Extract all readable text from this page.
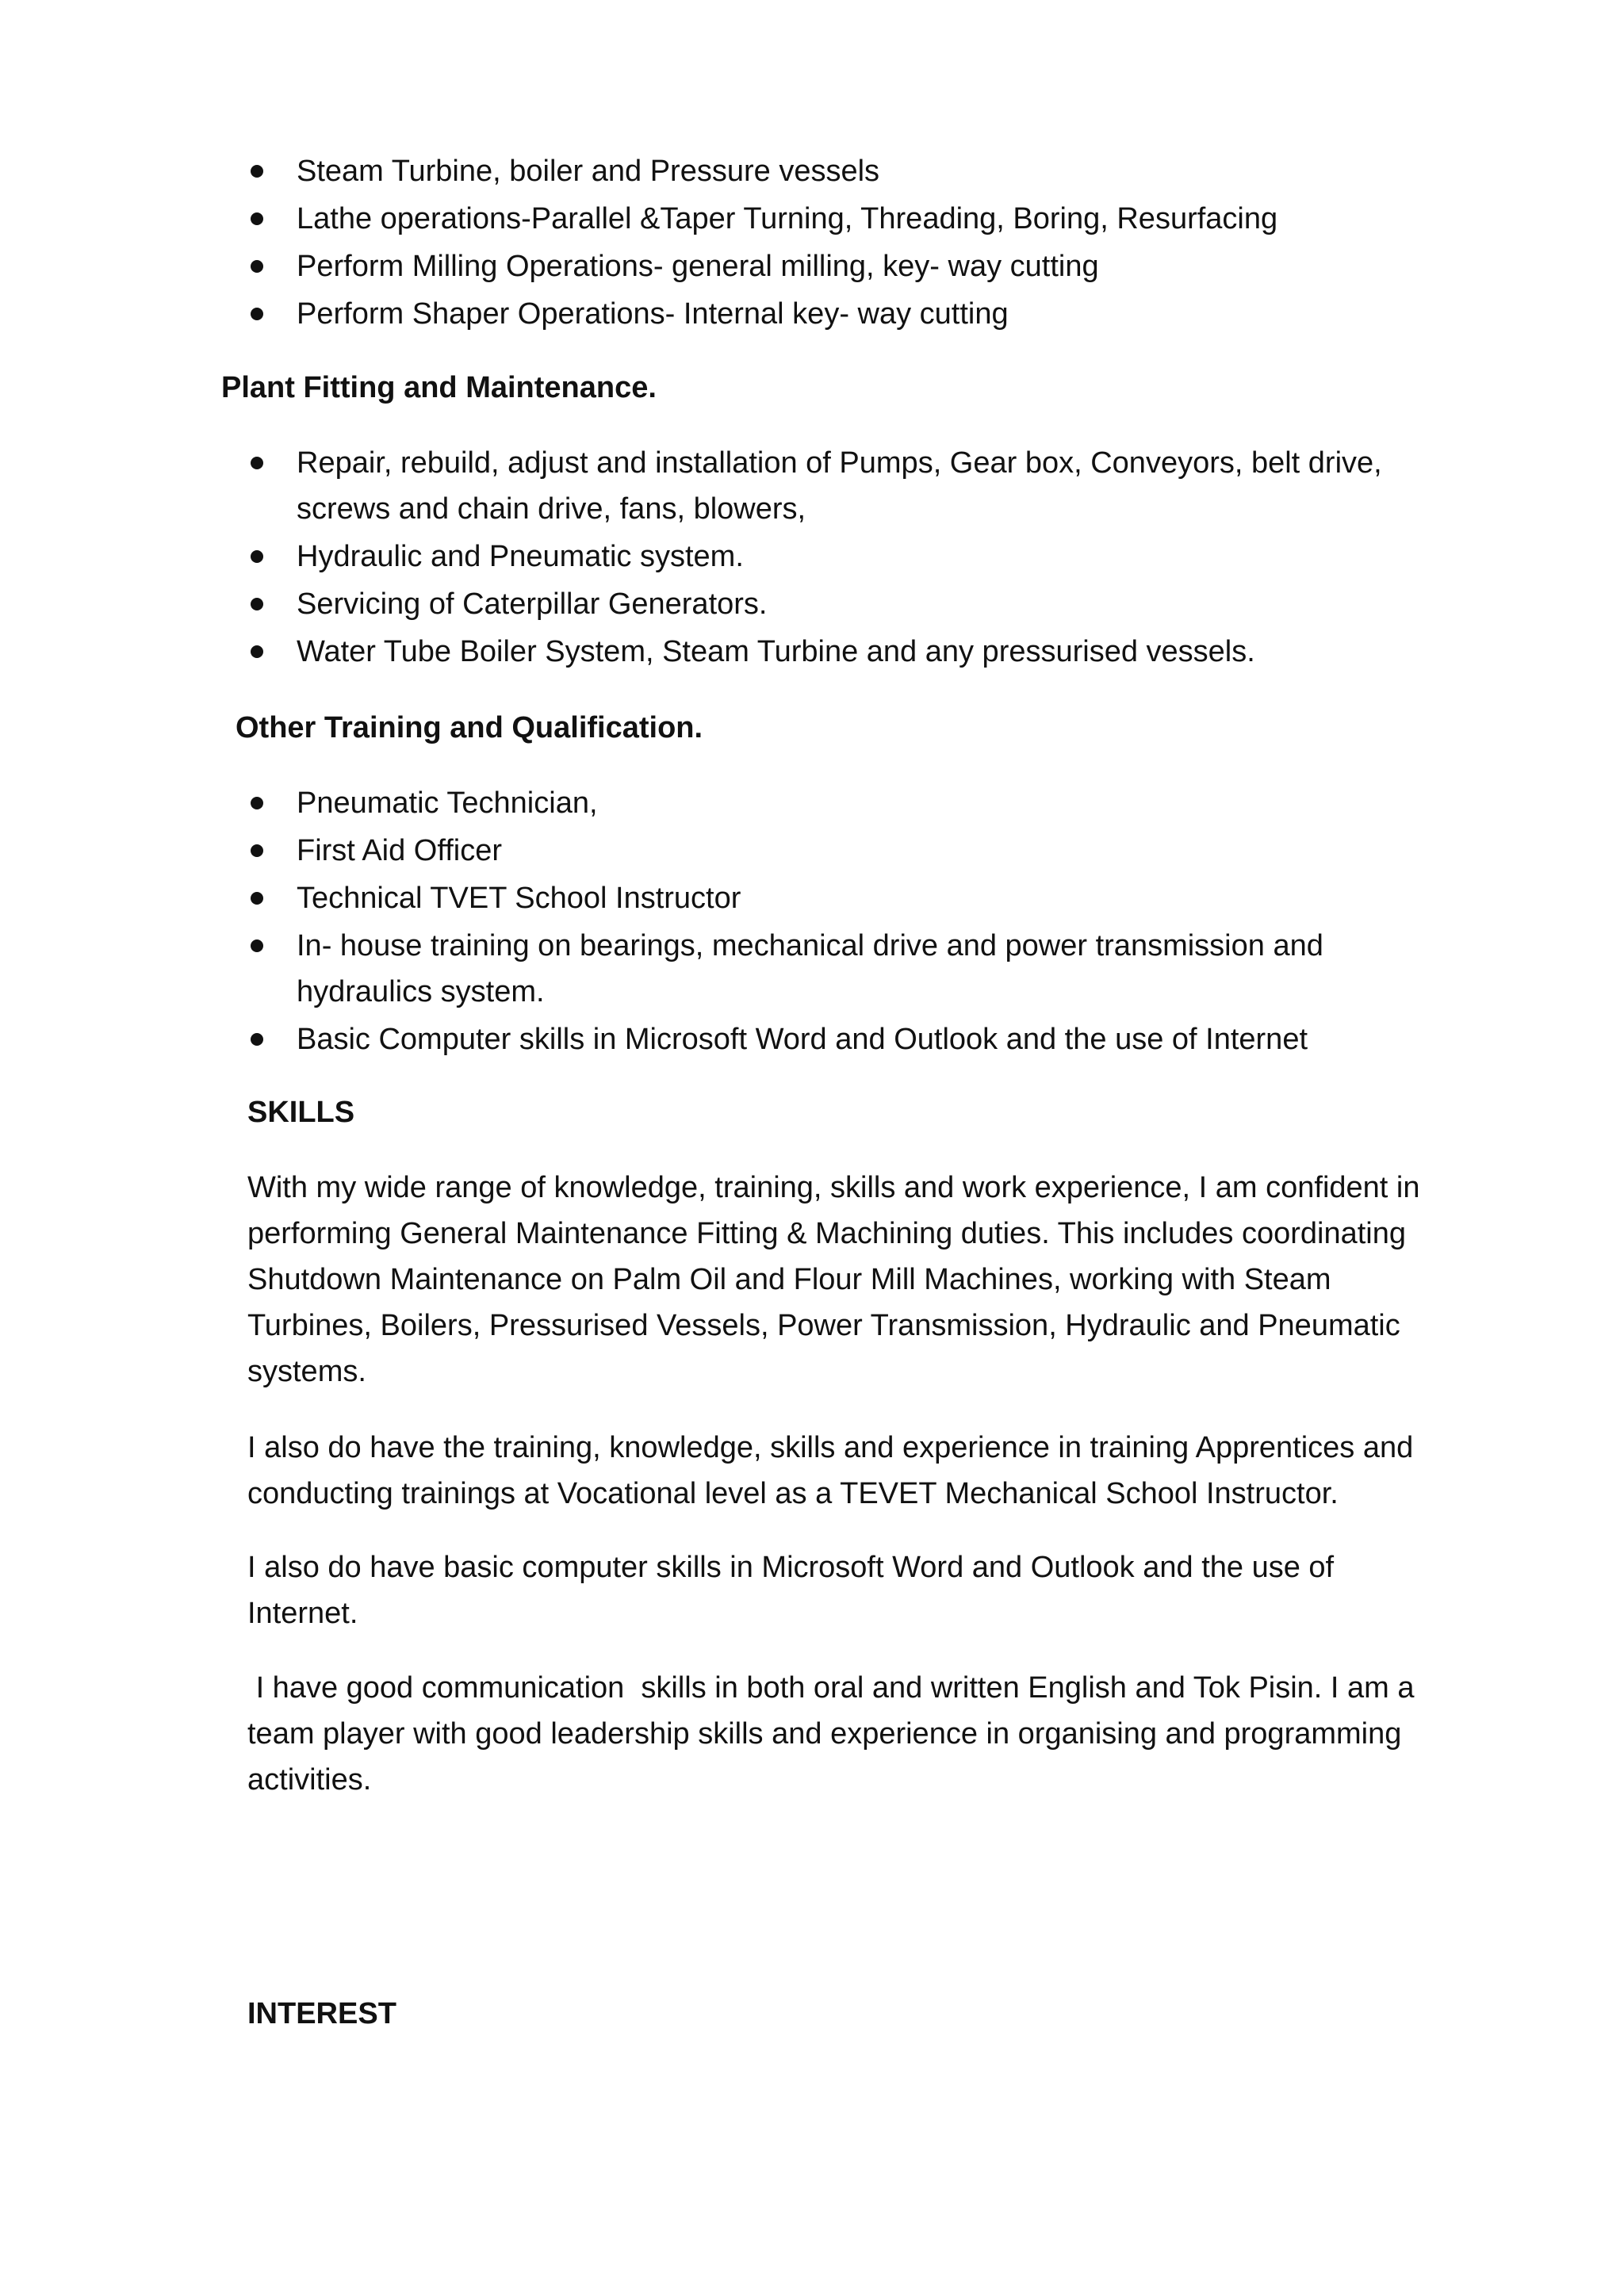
Steam Turbine, boiler and Pressure vessels
Lathe operations-Parallel &Taper Turning, Threading, Boring, Resurfacing
Perform Milling Operations- general milling, key- way cutting
Perform Shaper Operations- Internal key- way cutting
Plant Fitting and Maintenance.
Repair, rebuild, adjust and installation of Pumps, Gear box, Conveyors, belt drive, screws and chain drive, fans, blowers,
Hydraulic and Pneumatic system.
Servicing of Caterpillar Generators.
Water Tube Boiler System, Steam Turbine and any pressurised vessels.
Other Training and Qualification.
Pneumatic Technician,
First Aid Officer
Technical TVET School Instructor
In- house training on bearings, mechanical drive and power transmission and hydraulics system.
Basic Computer skills in Microsoft Word and Outlook and the use of Internet
SKILLS

With my wide range of knowledge, training, skills and work experience, I am confident in performing General Maintenance Fitting & Machining duties. This includes coordinating Shutdown Maintenance on Palm Oil and Flour Mill Machines, working with Steam Turbines, Boilers, Pressurised Vessels, Power Transmission, Hydraulic and Pneumatic systems.

I also do have the training, knowledge, skills and experience in training Apprentices and conducting trainings at Vocational level as a TEVET Mechanical School Instructor.

I also do have basic computer skills in Microsoft Word and Outlook and the use of Internet.

I have good communication  skills in both oral and written English and Tok Pisin. I am a team player with good leadership skills and experience in organising and programming activities.

INTEREST
